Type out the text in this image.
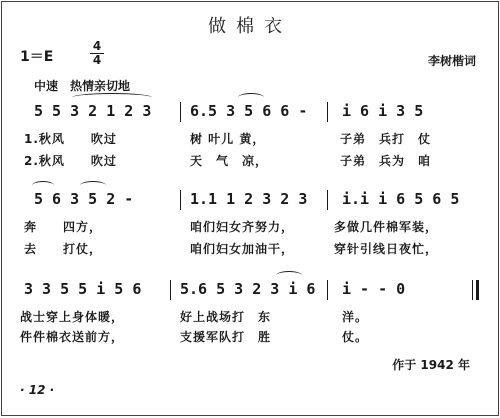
做棉衣
1＝E
4
4	李树楷词
中速　热情亲切地
5 5 3 2 1 2 3	6.5 3 5 6 6 - i 6 i 3 5
1.秋风　　吹过	树 叶儿 黄，	子弟　兵打　仗
2.秋风　　吹过	天　气　凉，	子弟　兵为　咱
5 6 3 5 2 -	1.1 1 2 3 2 3 i.i i 6 5 6 5
奔　　四方，	咱们妇女齐努力，	多做几件棉军装，
去　　打仗，	咱们妇女加油干，	穿针引线日夜忙，
3 3 5 5 i 5 6	5.6 5 3 2 3 i 6 i - - 0
战士穿上身体暖，	好上战场打　东	洋。
件件棉衣送前方，	支援军队打　胜	仗。
作于 1942 年
· 12 ·
